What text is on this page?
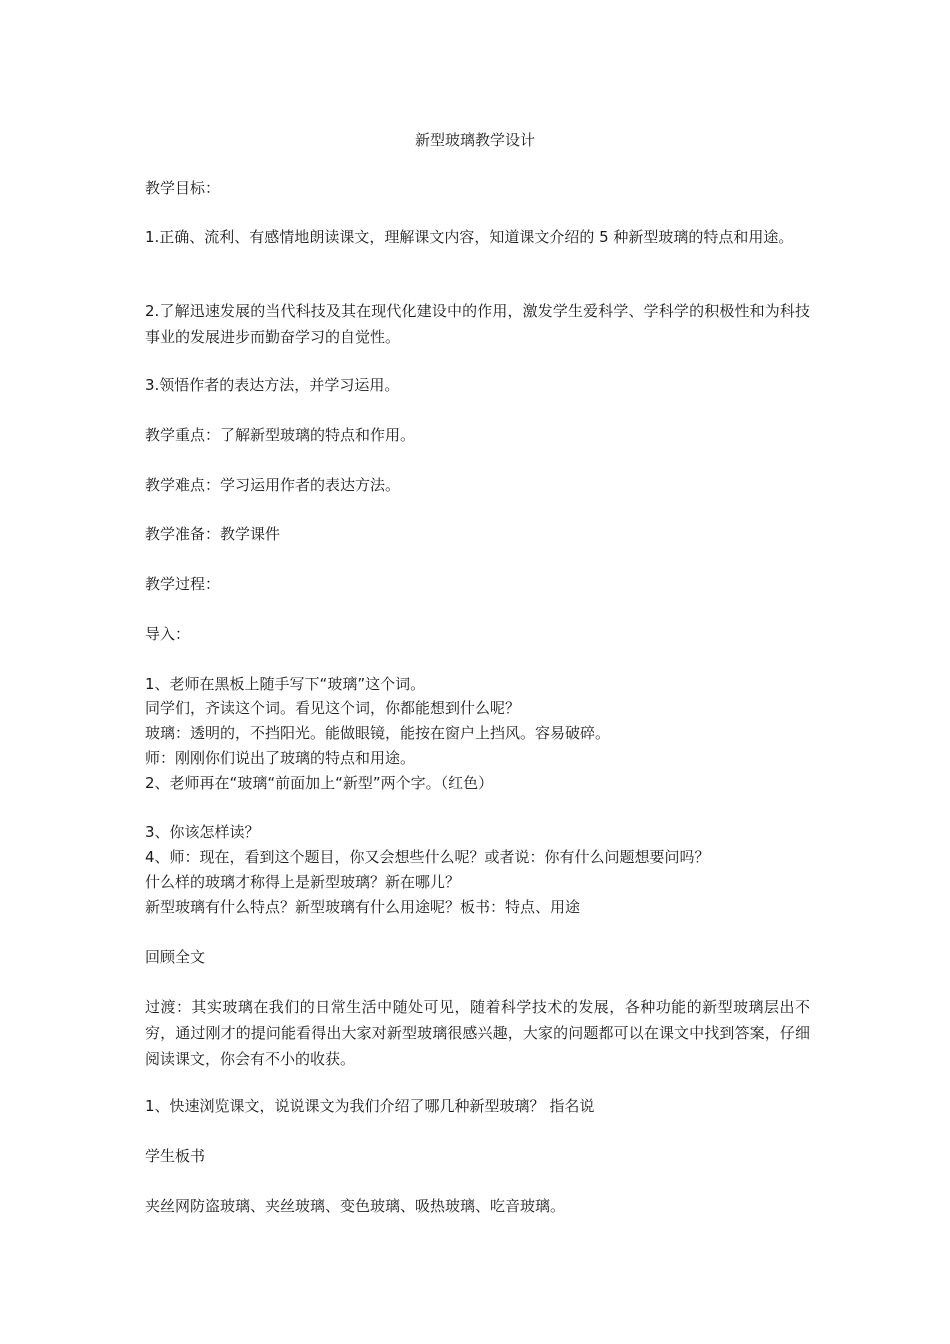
新型玻璃教学设计

教学目标：

1.正确、流利、有感情地朗读课文，理解课文内容，知道课文介绍的 5 种新型玻璃的特点和用途。

2.了解迅速发展的当代科技及其在现代化建设中的作用，激发学生爱科学、学科学的积极性和为科技事业的发展进步而勤奋学习的自觉性。

3.领悟作者的表达方法，并学习运用。

教学重点：了解新型玻璃的特点和作用。

教学难点：学习运用作者的表达方法。

教学准备：教学课件

教学过程：

导入：

1、老师在黑板上随手写下“玻璃”这个词。

同学们，齐读这个词。看见这个词，你都能想到什么呢？

玻璃：透明的，不挡阳光。能做眼镜，能按在窗户上挡风。容易破碎。

师：刚刚你们说出了玻璃的特点和用途。

2、老师再在“玻璃“前面加上“新型”两个字。（红色）

3、你该怎样读？

4、师：现在，看到这个题目，你又会想些什么呢？或者说：你有什么问题想要问吗？

什么样的玻璃才称得上是新型玻璃？新在哪儿？

新型玻璃有什么特点？新型玻璃有什么用途呢？板书：特点、用途

回顾全文

过渡：其实玻璃在我们的日常生活中随处可见，随着科学技术的发展，各种功能的新型玻璃层出不穷，通过刚才的提问能看得出大家对新型玻璃很感兴趣，大家的问题都可以在课文中找到答案，仔细阅读课文，你会有不小的收获。

1、快速浏览课文，说说课文为我们介绍了哪几种新型玻璃？ 指名说

学生板书

夹丝网防盗玻璃、夹丝玻璃、变色玻璃、吸热玻璃、吃音玻璃。
